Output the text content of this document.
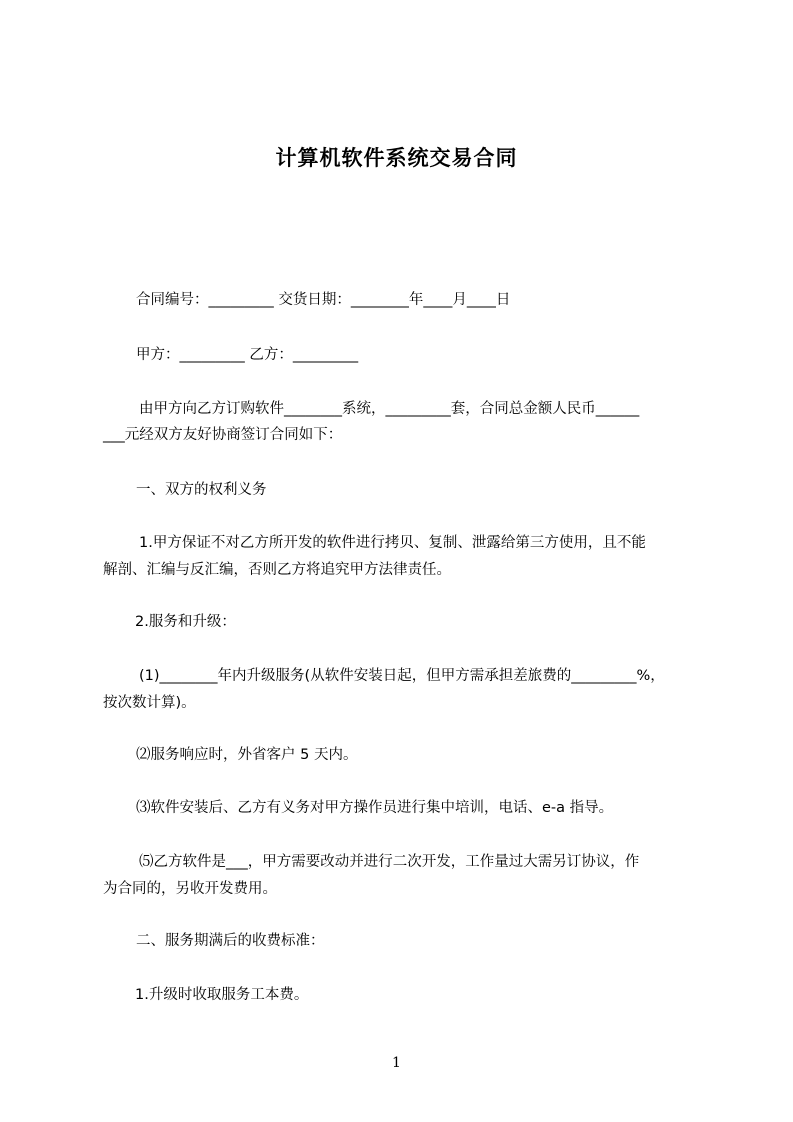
计算机软件系统交易合同

合同编号：_________ 交货日期：________年____月____日

甲方：_________ 乙方：_________

由甲方向乙方订购软件________系统，_________套，合同总金额人民币______

___元经双方友好协商签订合同如下：

一、双方的权利义务

1.甲方保证不对乙方所开发的软件进行拷贝、复制、泄露给第三方使用，且不能

解剖、汇编与反汇编，否则乙方将追究甲方法律责任。

2.服务和升级：

(1)________年内升级服务(从软件安装日起，但甲方需承担差旅费的_________%，

按次数计算)。

⑵服务响应时，外省客户 5 天内。

⑶软件安装后、乙方有义务对甲方操作员进行集中培训，电话、e-a 指导。

⑸乙方软件是___，甲方需要改动并进行二次开发，工作量过大需另订协议，作

为合同的，另收开发费用。

二、服务期满后的收费标准：

1.升级时收取服务工本费。

1
